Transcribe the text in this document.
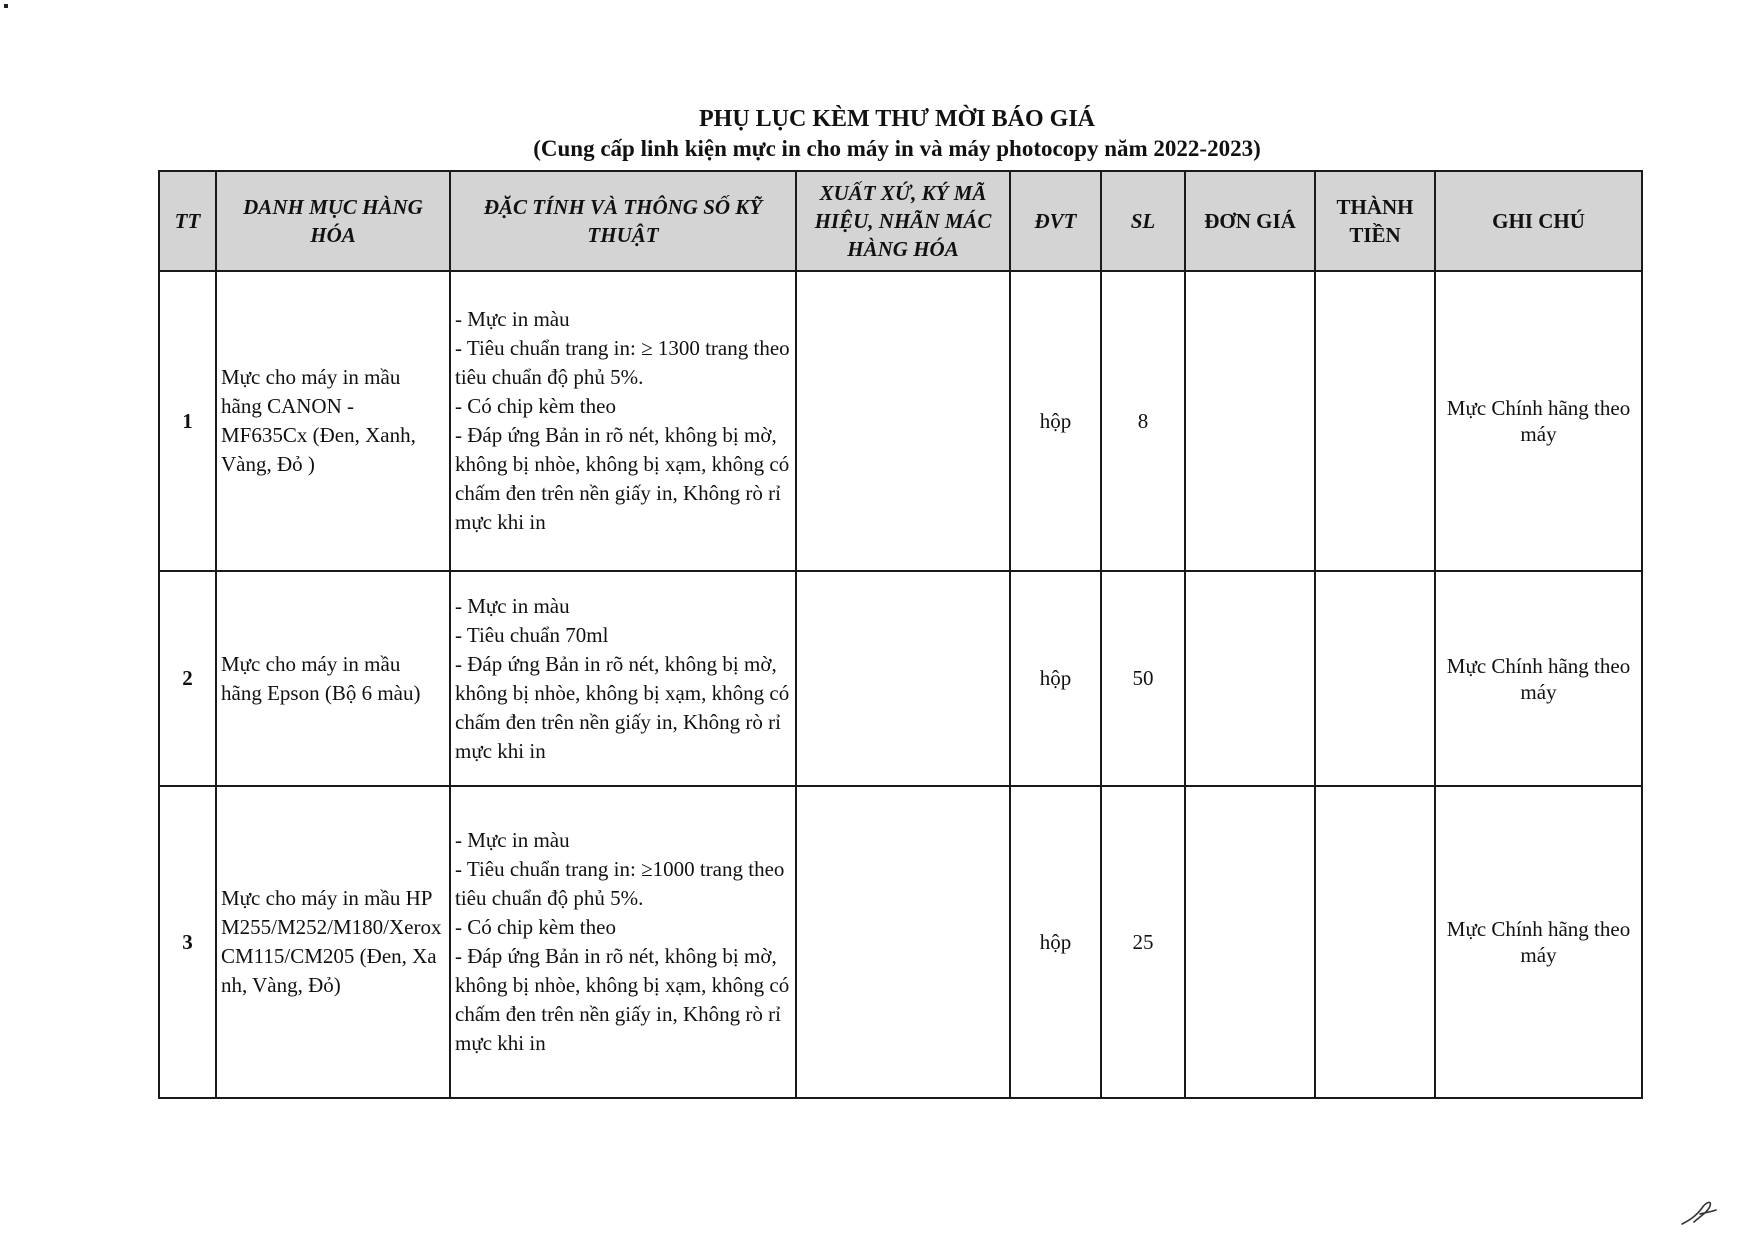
PHỤ LỤC KÈM THƯ MỜI BÁO GIÁ

(Cung cấp linh kiện mực in cho máy in và máy photocopy năm 2022-2023)

TT	DANH MỤC HÀNG HÓA	ĐẶC TÍNH VÀ THÔNG SỐ KỸ THUẬT	XUẤT XỨ, KÝ MÃ HIỆU, NHÃN MÁC HÀNG HÓA	ĐVT	SL	ĐƠN GIÁ	THÀNH TIỀN	GHI CHÚ
1	Mực cho máy in mầu hãng CANON - MF635Cx (Đen, Xanh, Vàng, Đỏ )	- Mực in màu
- Tiêu chuẩn trang in: ≥ 1300 trang theo tiêu chuẩn độ phủ 5%.
- Có chip kèm theo
- Đáp ứng Bản in rõ nét, không bị mờ, không bị nhòe, không bị xạm, không có chấm đen trên nền giấy in, Không rò rỉ mực khi in		hộp	8			Mực Chính hãng theo máy
2	Mực cho máy in mầu hãng Epson (Bộ 6 màu)	- Mực in màu
- Tiêu chuẩn 70ml
- Đáp ứng Bản in rõ nét, không bị mờ, không bị nhòe, không bị xạm, không có chấm đen trên nền giấy in, Không rò rỉ mực khi in		hộp	50			Mực Chính hãng theo máy
3	Mực cho máy in mầu HPM255/M252/M180/XeroxCM115/CM205 (Đen, Xanh, Vàng, Đỏ)	- Mực in màu
- Tiêu chuẩn trang in: ≥1000 trang theo tiêu chuẩn độ phủ 5%.
- Có chip kèm theo
- Đáp ứng Bản in rõ nét, không bị mờ, không bị nhòe, không bị xạm, không có chấm đen trên nền giấy in, Không rò rỉ mực khi in		hộp	25			Mực Chính hãng theo máy
